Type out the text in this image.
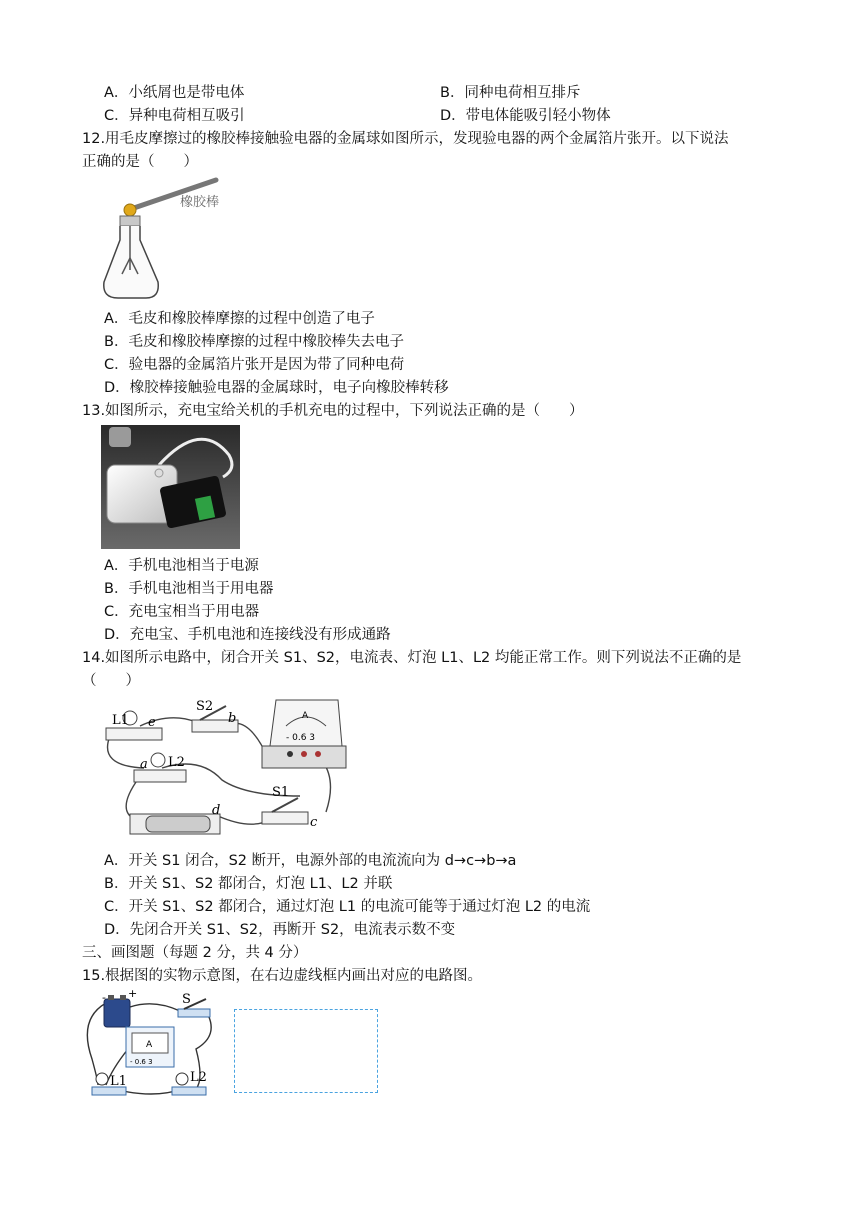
A．小纸屑也是带电体	B．同种电荷相互排斥
C．异种电荷相互吸引	D．带电体能吸引轻小物体
12.用毛皮摩擦过的橡胶棒接触验电器的金属球如图所示，发现验电器的两个金属箔片张开。以下说法
正确的是（　　）
橡胶棒
A．毛皮和橡胶棒摩擦的过程中创造了电子
B．毛皮和橡胶棒摩擦的过程中橡胶棒失去电子
C．验电器的金属箔片张开是因为带了同种电荷
D．橡胶棒接触验电器的金属球时，电子向橡胶棒转移
13.如图所示，充电宝给关机的手机充电的过程中，下列说法正确的是（　　）
A．手机电池相当于电源
B．手机电池相当于用电器
C．充电宝相当于用电器
D．充电宝、手机电池和连接线没有形成通路
14.如图所示电路中，闭合开关 S1、S2，电流表、灯泡 L1、L2 均能正常工作。则下列说法不正确的是
（　　）
L1 e
S2
b	A
- 0.6 3
a L2
d
S1
c
A．开关 S1 闭合，S2 断开，电源外部的电流流向为 d→c→b→a
B．开关 S1、S2 都闭合，灯泡 L1、L2 并联
C．开关 S1、S2 都闭合，通过灯泡 L1 的电流可能等于通过灯泡 L2 的电流
D．先闭合开关 S1、S2，再断开 S2，电流表示数不变
三、画图题（每题 2 分，共 4 分）
15.根据图的实物示意图，在右边虚线框内画出对应的电路图。
- +	S
A
- 0.6 3
L1	L2
